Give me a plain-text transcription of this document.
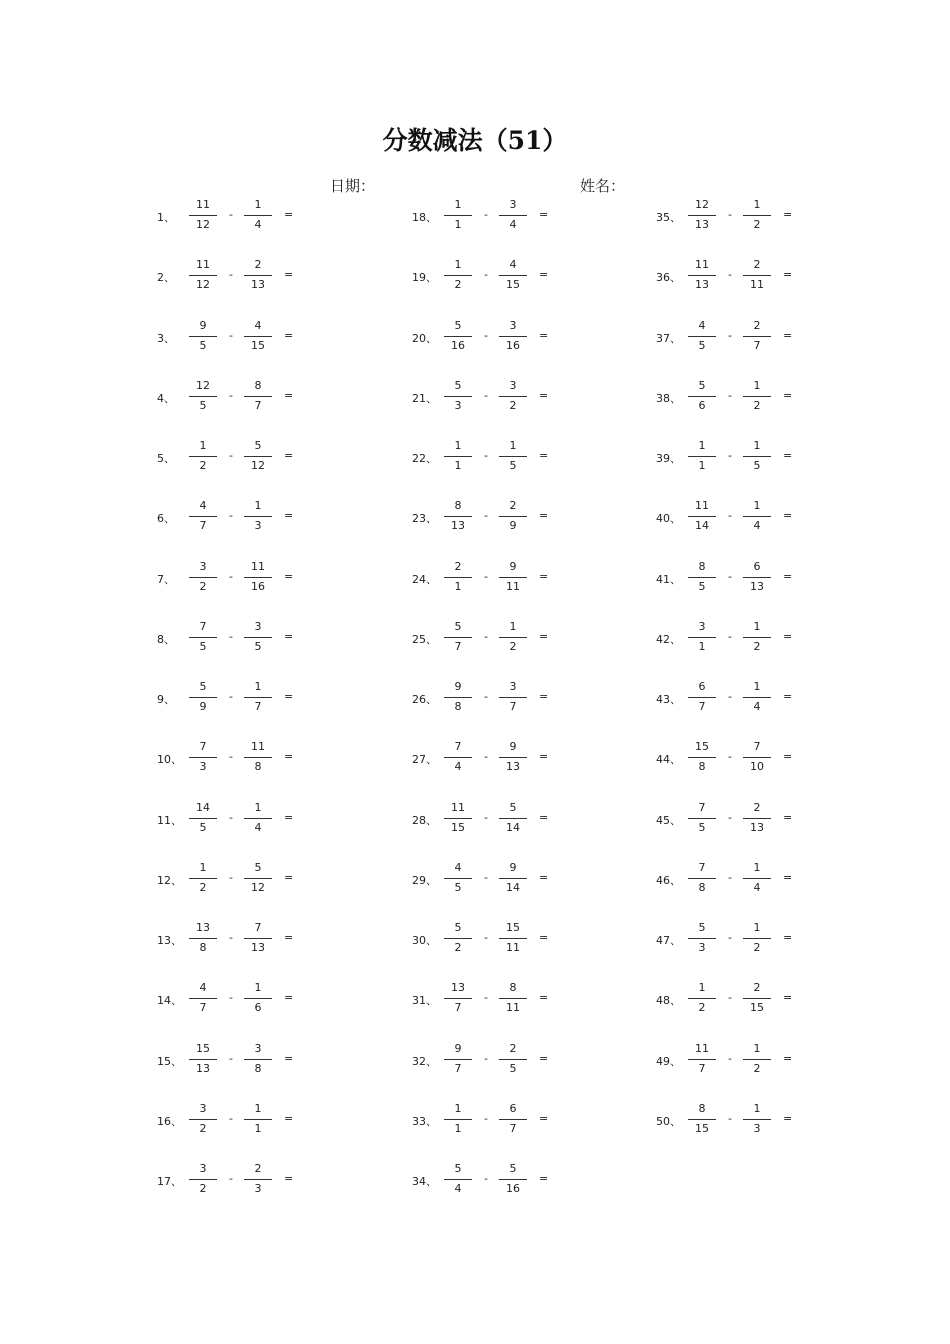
分数减法（51）
日期：	姓名：
1、
11
12
-
1
4
=
2、
11
12
-
2
13
=
3、
9
5
-
4
15
=
4、
12
5
-
8
7
=
5、
1
2
-
5
12
=
6、
4
7
-
1
3
=
7、
3
2
-
11
16
=
8、
7
5
-
3
5
=
9、
5
9
-
1
7
=
10、
7
3
-
11
8
=
11、
14
5
-
1
4
=
12、
1
2
-
5
12
=
13、
13
8
-
7
13
=
14、
4
7
-
1
6
=
15、
15
13
-
3
8
=
16、
3
2
-
1
1
=
17、
3
2
-
2
3
=
18、
1
1
-
3
4
=
19、
1
2
-
4
15
=
20、
5
16
-
3
16
=
21、
5
3
-
3
2
=
22、
1
1
-
1
5
=
23、
8
13
-
2
9
=
24、
2
1
-
9
11
=
25、
5
7
-
1
2
=
26、
9
8
-
3
7
=
27、
7
4
-
9
13
=
28、
11
15
-
5
14
=
29、
4
5
-
9
14
=
30、
5
2
-
15
11
=
31、
13
7
-
8
11
=
32、
9
7
-
2
5
=
33、
1
1
-
6
7
=
34、
5
4
-
5
16
=
35、
12
13
-
1
2
=
36、
11
13
-
2
11
=
37、
4
5
-
2
7
=
38、
5
6
-
1
2
=
39、
1
1
-
1
5
=
40、
11
14
-
1
4
=
41、
8
5
-
6
13
=
42、
3
1
-
1
2
=
43、
6
7
-
1
4
=
44、
15
8
-
7
10
=
45、
7
5
-
2
13
=
46、
7
8
-
1
4
=
47、
5
3
-
1
2
=
48、
1
2
-
2
15
=
49、
11
7
-
1
2
=
50、
8
15
-
1
3
=
